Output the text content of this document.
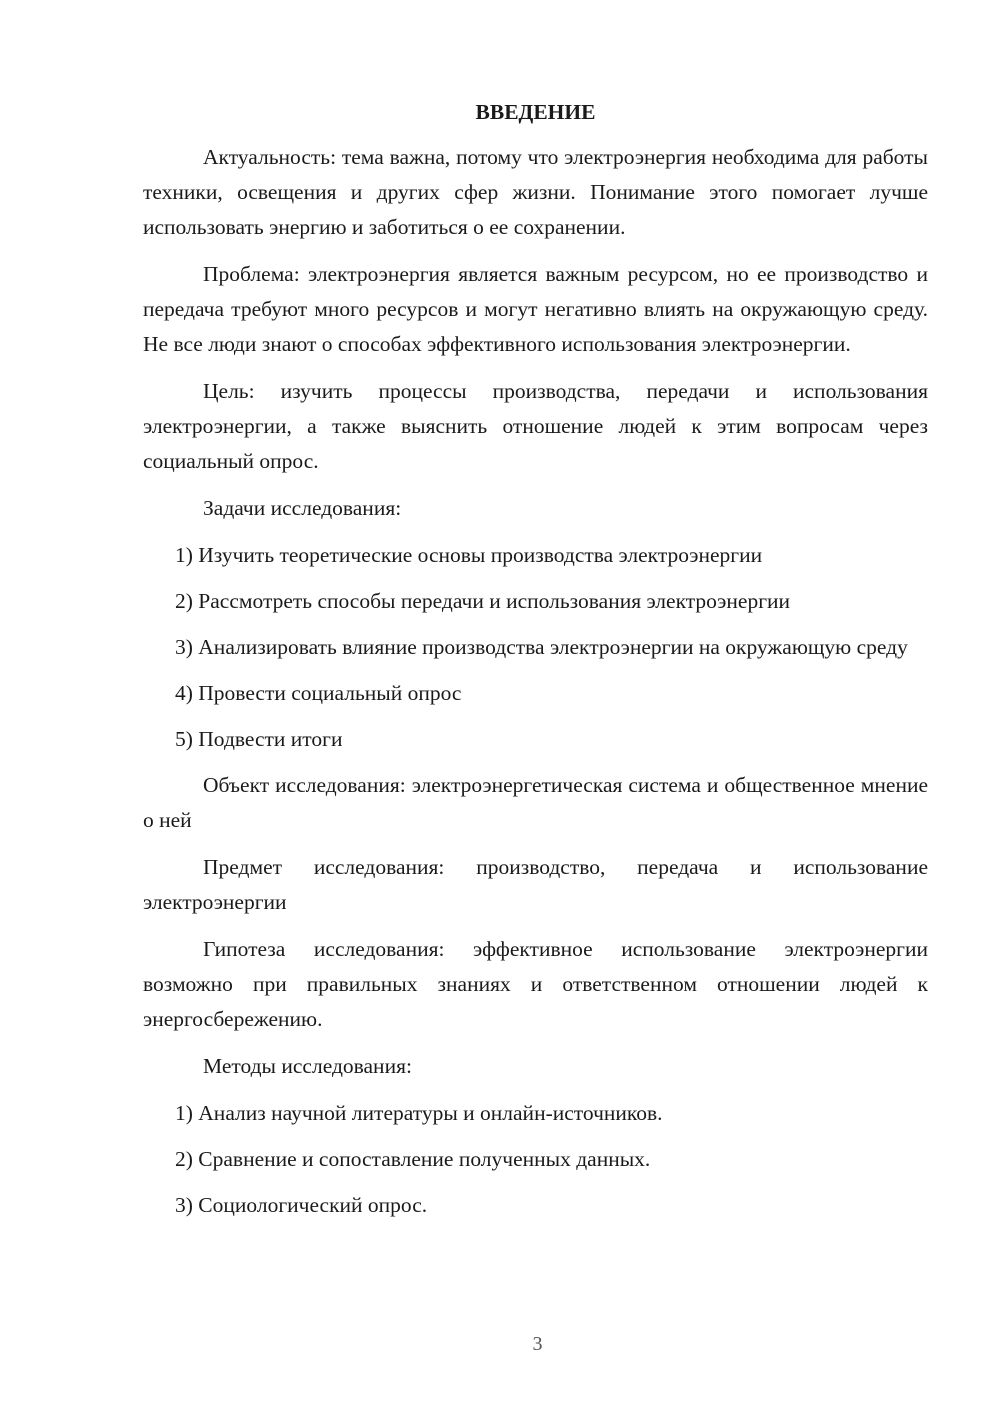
ВВЕДЕНИЕ

Актуальность: тема важна, потому что электроэнергия необходима для работы техники, освещения и других сфер жизни. Понимание этого помогает лучше использовать энергию и заботиться о ее сохранении.

Проблема: электроэнергия является важным ресурсом, но ее производство и передача требуют много ресурсов и могут негативно влиять на окружающую среду. Не все люди знают о способах эффективного использования электроэнергии.

Цель: изучить процессы производства, передачи и использования электроэнергии, а также выяснить отношение людей к этим вопросам через социальный опрос.

Задачи исследования:

1) Изучить теоретические основы производства электроэнергии

2) Рассмотреть способы передачи и использования электроэнергии

3) Анализировать влияние производства электроэнергии на окружающую среду

4) Провести социальный опрос

5) Подвести итоги

Объект исследования: электроэнергетическая система и общественное мнение о ней

Предмет исследования: производство, передача и использование электроэнергии

Гипотеза исследования: эффективное использование электроэнергии возможно при правильных знаниях и ответственном отношении людей к энергосбережению.

Методы исследования:

1) Анализ научной литературы и онлайн-источников.

2) Сравнение и сопоставление полученных данных.

3) Социологический опрос.

3
